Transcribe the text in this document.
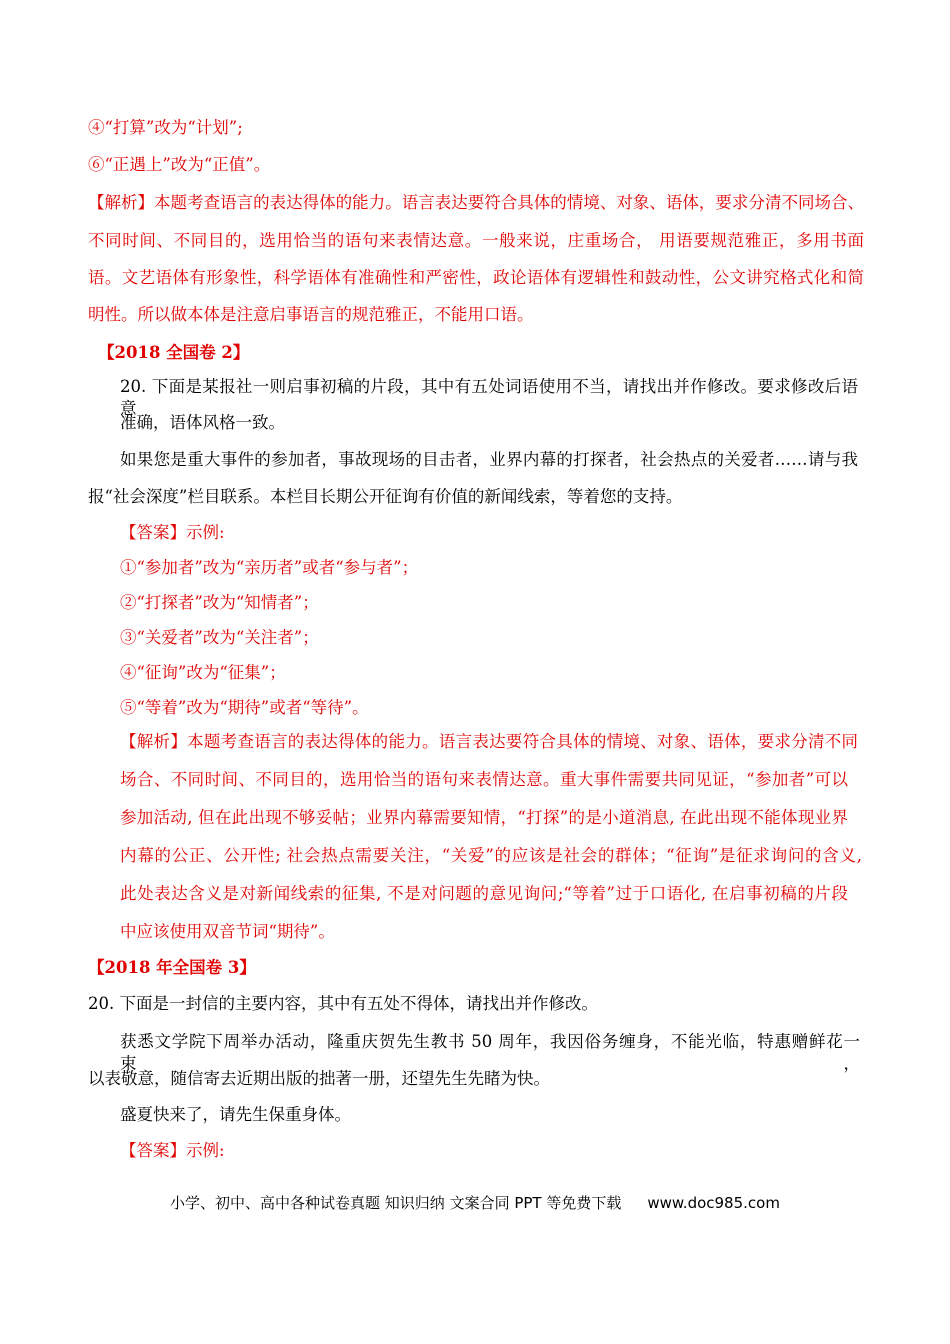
④“打算”改为“计划”;
⑥“正遇上”改为“正值”。
【解析】本题考查语言的表达得体的能力。语言表达要符合具体的情境、对象、语体，要求分清不同场合、
不同时间、不同目的，选用恰当的语句来表情达意。一般来说，庄重场合， 用语要规范雅正，多用书面
语。文艺语体有形象性，科学语体有准确性和严密性，政论语体有逻辑性和鼓动性，公文讲究格式化和简
明性。所以做本体是注意启事语言的规范雅正，不能用口语。
【2018 全国卷 2】
20. 下面是某报社一则启事初稿的片段，其中有五处词语使用不当，请找出并作修改。要求修改后语意
准确，语体风格一致。
如果您是重大事件的参加者，事故现场的目击者，业界内幕的打探者，社会热点的关爱者……请与我
报“社会深度”栏目联系。本栏目长期公开征询有价值的新闻线索，等着您的支持。
【答案】示例:
①“参加者”改为“亲历者”或者“参与者”；
②“打探者”改为“知情者”；
③“关爱者”改为“关注者”；
④“征询”改为“征集”；
⑤“等着”改为“期待”或者“等待”。
【解析】本题考查语言的表达得体的能力。语言表达要符合具体的情境、对象、语体，要求分清不同
场合、不同时间、不同目的，选用恰当的语句来表情达意。重大事件需要共同见证，“参加者”可以
参加活动, 但在此出现不够妥帖；业界内幕需要知情，“打探”的是小道消息, 在此出现不能体现业界
内幕的公正、公开性; 社会热点需要关注，“关爱”的应该是社会的群体；“征询”是征求询问的含义,
此处表达含义是对新闻线索的征集, 不是对问题的意见询问;“等着”过于口语化, 在启事初稿的片段
中应该使用双音节词“期待”。
【2018 年全国卷 3】
20. 下面是一封信的主要内容，其中有五处不得体，请找出并作修改。
获悉文学院下周举办活动，隆重庆贺先生教书 50 周年，我因俗务缠身，不能光临，特惠赠鲜花一束，
以表敬意，随信寄去近期出版的拙著一册，还望先生先睹为快。
盛夏快来了，请先生保重身体。
【答案】示例:
小学、初中、高中各种试卷真题 知识归纳 文案合同 PPT 等免费下载 www.doc985.com
